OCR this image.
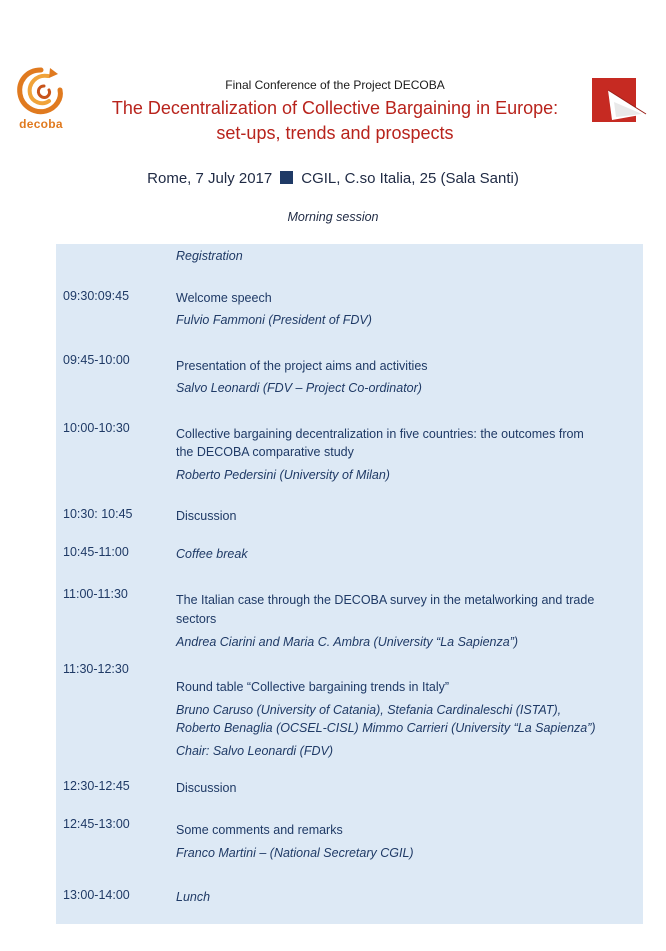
decoba
Final Conference of the Project DECOBA
The Decentralization of Collective Bargaining in Europe:
set-ups, trends and prospects
Rome, 7 July 2017 CGIL, C.so Italia, 25 (Sala Santi)
Morning session
Registration
09:30:09:45	Welcome speech
Fulvio Fammoni (President of FDV)
09:45-10:00	Presentation of the project aims and activities
Salvo Leonardi (FDV – Project Co-ordinator)
10:00-10:30	Collective bargaining decentralization in five countries: the outcomes from
the DECOBA comparative study
Roberto Pedersini (University of Milan)
10:30: 10:45	Discussion
10:45-11:00	Coffee break
11:00-11:30	The Italian case through the DECOBA survey in the metalworking and trade
sectors
Andrea Ciarini and Maria C. Ambra (University “La Sapienza”)
11:30-12:30
Round table “Collective bargaining trends in Italy”
Bruno Caruso (University of Catania), Stefania Cardinaleschi (ISTAT),
Roberto Benaglia (OCSEL-CISL) Mimmo Carrieri (University “La Sapienza”)
Chair: Salvo Leonardi (FDV)
12:30-12:45	Discussion
12:45-13:00	Some comments and remarks
Franco Martini – (National Secretary CGIL)
13:00-14:00	Lunch
